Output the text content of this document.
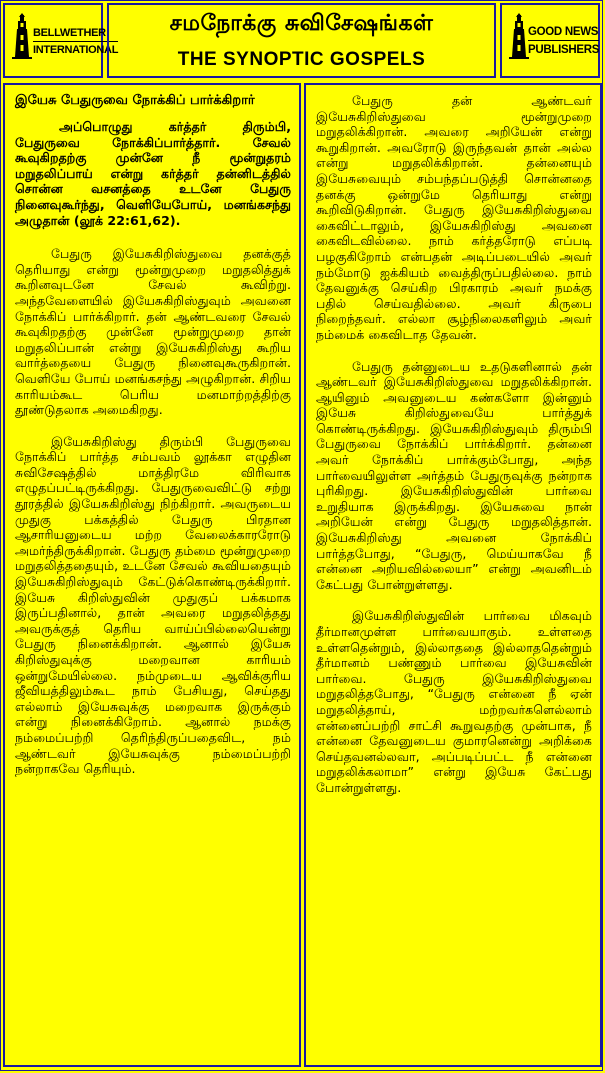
BELLWETHER
INTERNATIONAL
சமநோக்கு சுவிசேஷங்கள்
THE SYNOPTIC GOSPELS
GOOD NEWS
PUBLISHERS
இயேசு பேதுருவை நோக்கிப் பார்க்கிறார்

அப்பொழுது கர்த்தர் திரும்பி, பேதுருவை நோக்கிப்பார்த்தார். சேவல் கூவுகிறதற்கு முன்னே நீ மூன்றுதரம் மறுதலிப்பாய் என்று கர்த்தர் தன்னிடத்தில் சொன்ன வசனத்தை உடனே பேதுரு நினைவுகூர்ந்து, வெளியேபோய், மனங்கசந்து அழுதான் (லூக் 22:61,62).

பேதுரு இயேசுகிறிஸ்துவை தனக்குத் தெரியாது என்று மூன்றுமுறை மறுதலித்துக் கூறினவுடனே சேவல் கூவிற்று. அந்தவேளையில் இயேசுகிறிஸ்துவும் அவனை நோக்கிப் பார்க்கிறார். தன் ஆண்டவரை சேவல் கூவுகிறதற்கு முன்னே மூன்றுமுறை தான் மறுதலிப்பான் என்று இயேசுகிறிஸ்து கூறிய வார்த்தையை பேதுரு நினைவுகூருகிறான். வெளியே போய் மனங்கசந்து அழுகிறான். சிறிய காரியம்கூட பெரிய மனமாற்றத்திற்கு தூண்டுதலாக அமைகிறது.

இயேசுகிறிஸ்து திரும்பி பேதுருவை நோக்கிப் பார்த்த சம்பவம் லூக்கா எழுதின சுவிசேஷத்தில் மாத்திரமே விரிவாக எழுதப்பட்டிருக்கிறது. பேதுருவைவிட்டு சற்று தூரத்தில் இயேசுகிறிஸ்து நிற்கிறார். அவருடைய முதுகு பக்கத்தில் பேதுரு பிரதான ஆசாரியனுடைய மற்ற வேலைக்காரரோடு அமர்ந்திருக்கிறான். பேதுரு தம்மை மூன்றுமுறை மறுதலித்ததையும், உடனே சேவல் கூவியதையும் இயேசுகிறிஸ்துவும் கேட்டுக்கொண்டிருக்கிறார். இயேசு கிறிஸ்துவின் முதுகுப் பக்கமாக இருப்பதினால், தான் அவரை மறுதலித்தது அவருக்குத் தெரிய வாய்ப்பில்லையென்று பேதுரு நினைக்கிறான். ஆனால் இயேசு கிறிஸ்துவுக்கு மறைவான காரியம் ஒன்றுமேயில்லை. நம்முடைய ஆவிக்குரிய ஜீவியத்திலும்கூட நாம் பேசியது, செய்தது எல்லாம் இயேசுவுக்கு மறைவாக இருக்கும் என்று நினைக்கிறோம். ஆனால் நமக்கு நம்மைப்பற்றி தெரிந்திருப்பதைவிட, நம் ஆண்டவர் இயேசுவுக்கு நம்மைப்பற்றி நன்றாகவே தெரியும்.

பேதுரு தன் ஆண்டவர் இயேசுகிறிஸ்துவை மூன்றுமுறை மறுதலிக்கிறான். அவரை அறியேன் என்று கூறுகிறான். அவரோடு இருந்தவன் தான் அல்ல என்று மறுதலிக்கிறான். தன்னையும் இயேசுவையும் சம்பந்தப்படுத்தி சொன்னதை தனக்கு ஒன்றுமே தெரியாது என்று கூறிவிடுகிறான். பேதுரு இயேசுகிறிஸ்துவை கைவிட்டாலும், இயேசுகிறிஸ்து அவனை கைவிடவில்லை. நாம் கர்த்தரோடு எப்படி பழகுகிறோம் என்பதன் அடிப்படையில் அவர் நம்மோடு ஐக்கியம் வைத்திருப்பதில்லை. நாம் தேவனுக்கு செய்கிற பிரகாரம் அவர் நமக்கு பதில் செய்வதில்லை. அவர் கிருபை நிறைந்தவர். எல்லா சூழ்நிலைகளிலும் அவர் நம்மைக் கைவிடாத தேவன்.

பேதுரு தன்னுடைய உதடுகளினால் தன் ஆண்டவர் இயேசுகிறிஸ்துவை மறுதலிக்கிறான். ஆயினும் அவனுடைய கண்களோ இன்னும் இயேசு கிறிஸ்துவையே பார்த்துக் கொண்டிருக்கிறது. இயேசுகிறிஸ்துவும் திரும்பி பேதுருவை நோக்கிப் பார்க்கிறார். தன்னை அவர் நோக்கிப் பார்க்கும்போது, அந்த பார்வையிலுள்ள அர்த்தம் பேதுருவுக்கு நன்றாக புரிகிறது. இயேசுகிறிஸ்துவின் பார்வை உறுதியாக இருக்கிறது. இயேசுவை நான் அறியேன் என்று பேதுரு மறுதலித்தான். இயேசுகிறிஸ்து அவனை நோக்கிப் பார்த்தபோது, “பேதுரு, மெய்யாகவே நீ என்னை அறியவில்லையா” என்று அவனிடம் கேட்பது போன்றுள்ளது.

இயேசுகிறிஸ்துவின் பார்வை மிகவும் தீர்மானமுள்ள பார்வையாகும். உள்ளதை உள்ளதென்றும், இல்லாததை இல்லாததென்றும் தீர்மானம் பண்ணும் பார்வை இயேசுவின் பார்வை. பேதுரு இயேசுகிறிஸ்துவை மறுதலித்தபோது, “பேதுரு என்னை நீ ஏன் மறுதலித்தாய், மற்றவர்களெல்லாம் என்னைப்பற்றி சாட்சி கூறுவதற்கு முன்பாக, நீ என்னை தேவனுடைய குமாரனென்று அறிக்கை செய்தவனல்லவா, அப்படிப்பட்ட நீ என்னை மறுதலிக்கலாமா” என்று இயேசு கேட்பது போன்றுள்ளது.
